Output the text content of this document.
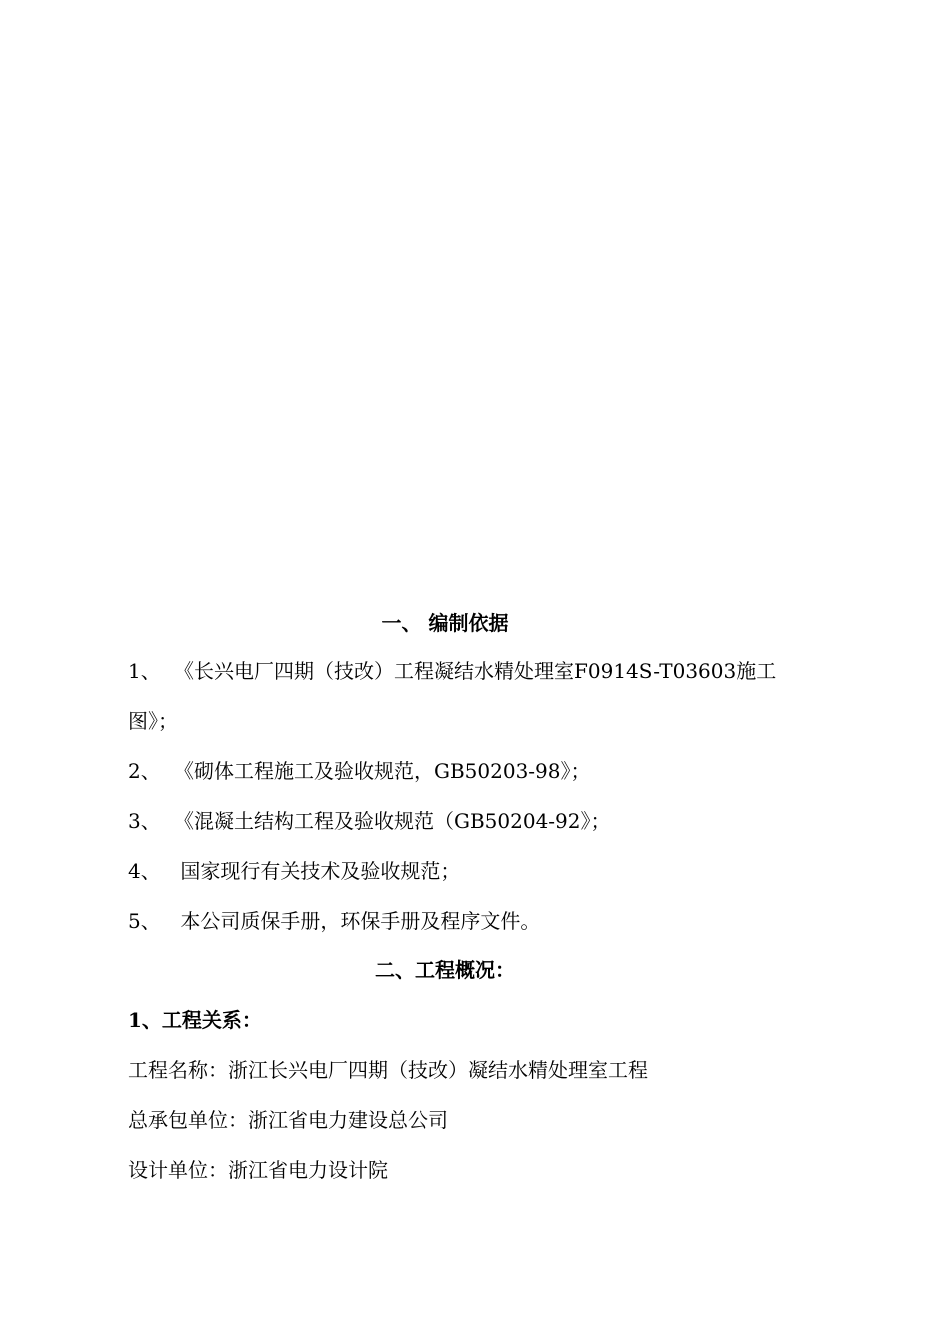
一、 编制依据
1、 《长兴电厂四期（技改）工程凝结水精处理室F0914S-T03603施工
图》；
2、 《砌体工程施工及验收规范，GB50203-98》；
3、 《混凝土结构工程及验收规范（GB50204-92》；
4、 国家现行有关技术及验收规范；
5、 本公司质保手册，环保手册及程序文件。
二、工程概况：
1、工程关系：
工程名称：浙江长兴电厂四期（技改）凝结水精处理室工程
总承包单位：浙江省电力建设总公司
设计单位：浙江省电力设计院
